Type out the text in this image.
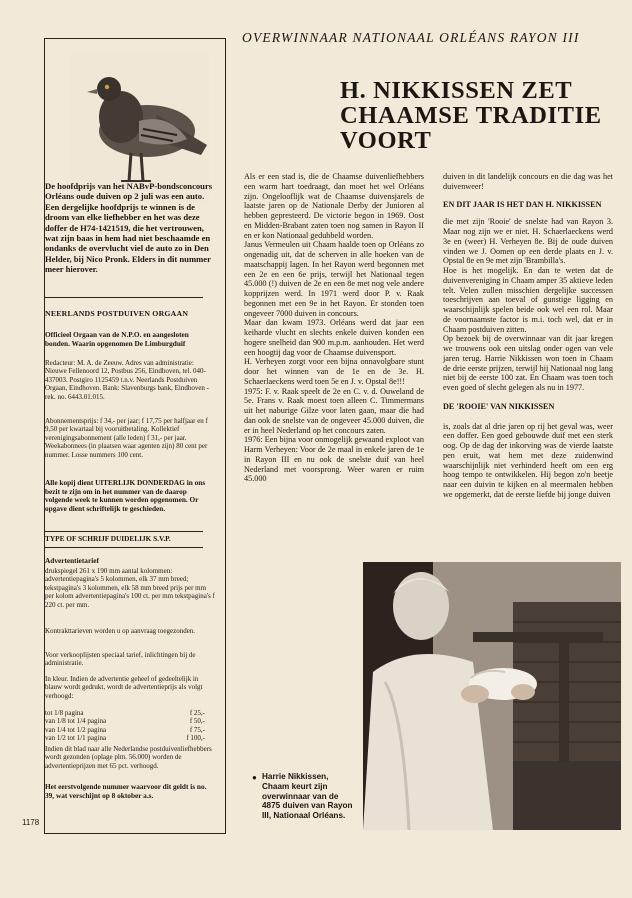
De hoofdprijs van het NABvP-bondsconcours Orléans oude duiven op 2 juli was een auto. Een dergelijke hoofdprijs te winnen is de droom van elke liefhebber en het was deze doffer de H74-1421519, die het vertrouwen, wat zijn baas in hem had niet beschaamde en ondanks de overvlucht viel de auto zo in Den Helder, bij Nico Pronk. Elders in dit nummer meer hierover.
NEERLANDS POSTDUIVEN ORGAAN
Officieel Orgaan van de N.P.O. en aangesloten bonden. Waarin opgenomen De Limburgduif
Redacteur: M. A. de Zeeuw. Adres van administratie: Nieuwe Fellenoord 12, Postbus 256, Eindhoven, tel. 040-437003. Postgiro 1125459 t.n.v. Neerlands Postduiven Orgaan, Eindhoven. Bank: Slavenburgs bank, Eindhoven - rek. no. 6443.01.015.
Abonnementsprijs: f 34,- per jaar; f 17,75 per halfjaar en f 9,50 per kwartaal bij vooruitbetaling. Kollektief verenigingsabonnement (alle leden) f 31,- per jaar. Weekabonnees (in plaatsen waar agenten zijn) 80 cent per nummer. Losse nummers 100 cent.
Alle kopij dient UITERLIJK DONDERDAG in ons bezit te zijn om in het nummer van de daarop volgende week te kunnen worden opgenomen. Or opgave dient schriftelijk te geschieden.
TYPE OF SCHRIJF DUIDELIJK S.V.P.
Advertentietarief
drukspiegel 261 x 190 mm aantal kolommen: advertentiepagina's 5 kolommen, elk 37 mm breed; tekstpagina's 3 kolommen, elk 58 mm breed prijs per mm per kolom advertentiepagina's 100 ct. per mm tekstpagina's f 220 ct. per mm.
Kontrakttarieven worden u op aanvraag toegezonden.
Voor verkooplijsten speciaal tarief, inlichtingen bij de administratie.
In kleur. Indien de advertentie geheel of gedeeltelijk in blauw wordt gedrukt, wordt de advertentieprijs als volgt verhoogd:
tot 1/8 pagina	f 25,-
van 1/8 tot 1/4 pagina	f 50,-
van 1/4 tot 1/2 pagina	f 75,-
van 1/2 tot 1/1 pagina	f 100,-
Indien dit blad naar alle Nederlandse postduivenliefhebbers wordt gezonden (oplage plm. 56.000) worden de advertentieprijzen met 65 pct. verhoogd.
Het eerstvolgende nummer waarvoor dit geldt is no. 39, wat verschijnt op 8 oktober a.s.
1178
OVERWINNAAR NATIONAAL ORLÉANS RAYON III
H. NIKKISSEN ZET CHAAMSE TRADITIE VOORT

Als er een stad is, die de Chaamse duivenliefhebbers een warm hart toedraagt, dan moet het wel Orléans zijn. Ongelooflijk wat de Chaamse duivensjarels de laatste jaren op de Nationale Derby der Junioren al hebben gepresteerd. De victorie begon in 1969. Oost en Midden-Brabant zaten toen nog samen in Rayon II en er kon Nationaal gedubbeld worden.

Janus Vermeulen uit Chaam haalde toen op Orléans zo ongenadig uit, dat de scherven in alle hoeken van de maatschappij lagen. In het Rayon werd begonnen met een 2e en een 6e prijs, terwijl het Nationaal tegen 45.000 (!) duiven de 2e en een 8e met nog vele andere kopprijzen werd. In 1971 werd door P. v. Raak begonnen met een 9e in het Rayon. Er stonden toen ongeveer 7000 duiven in concours.

Maar dan kwam 1973. Orléans werd dat jaar een keiharde vlucht en slechts enkele duiven konden een hogere snelheid dan 900 m.p.m. aanhouden. Het werd een hoogtij dag voor de Chaamse duivensport.

H. Verheyen zorgt voor een bijna onnavolgbare stunt door het winnen van de 1e en de 3e. H. Schaerlaeckens werd toen 5e en J. v. Opstal 8e!!!

1975: F. v. Raak speelt de 2e en C. v. d. Ouweland de 5e. Frans v. Raak moest toen alleen C. Timmermans uit het naburige Gilze voor laten gaan, maar die had dan ook de snelste van de ongeveer 45.000 duiven, die er in heel Nederland op het concours zaten.

1976: Een bijna voor onmogelijk gewaand exploot van Harm Verheyen: Voor de 2e maal in enkele jaren de 1e in Rayon III en nu ook de snelste duif van heel Nederland met voorsprong. Weer waren er ruim 45.000

duiven in dit landelijk concours en die dag was het duivenweer!

EN DIT JAAR IS HET DAN H. NIKKISSEN

die met zijn 'Rooie' de snelste had van Rayon 3. Maar nog zijn we er niet. H. Schaerlaeckens werd 3e en (weer) H. Verheyen 8e. Bij de oude duiven vinden we J. Oomen op een derde plaats en J. v. Opstal 8e en 9e met zijn 'Brambilla's.

Hoe is het mogelijk. En dan te weten dat de duivenvereniging in Chaam amper 35 aktieve leden telt. Velen zullen misschien dergelijke successen toeschrijven aan toeval of gunstige ligging en waarschijnlijk spelen beide ook wel een rol. Maar de voornaamste factor is m.i. toch wel, dat er in Chaam postduiven zitten.

Op bezoek bij de overwinnaar van dit jaar kregen we trouwens ook een uitslag onder ogen van vele jaren terug. Harrie Nikkissen won toen in Chaam de drie eerste prijzen, terwijl hij Nationaal nog lang niet bij de eerste 100 zat. En Chaam was toen toch even goed of slecht gelegen als nu in 1977.

DE 'ROOIE' VAN NIKKISSEN

is, zoals dat al drie jaren op rij het geval was, weer een doffer. Een goed gebouwde duif met een sterk oog. Op de dag der inkorving was de vierde laatste pen eruit, wat hem met deze zuidenwind waarschijnlijk niet verhinderd heeft om een erg hoog tempo te ontwikkelen. Hij begon zo'n beetje naar een duivin te kijken en al meermalen hebben we opgemerkt, dat de eerste liefde bij jonge duiven

● Harrie Nikkissen, Chaam keurt zijn overwinnaar van de 4875 duiven van Rayon III, Nationaal Orléans.
